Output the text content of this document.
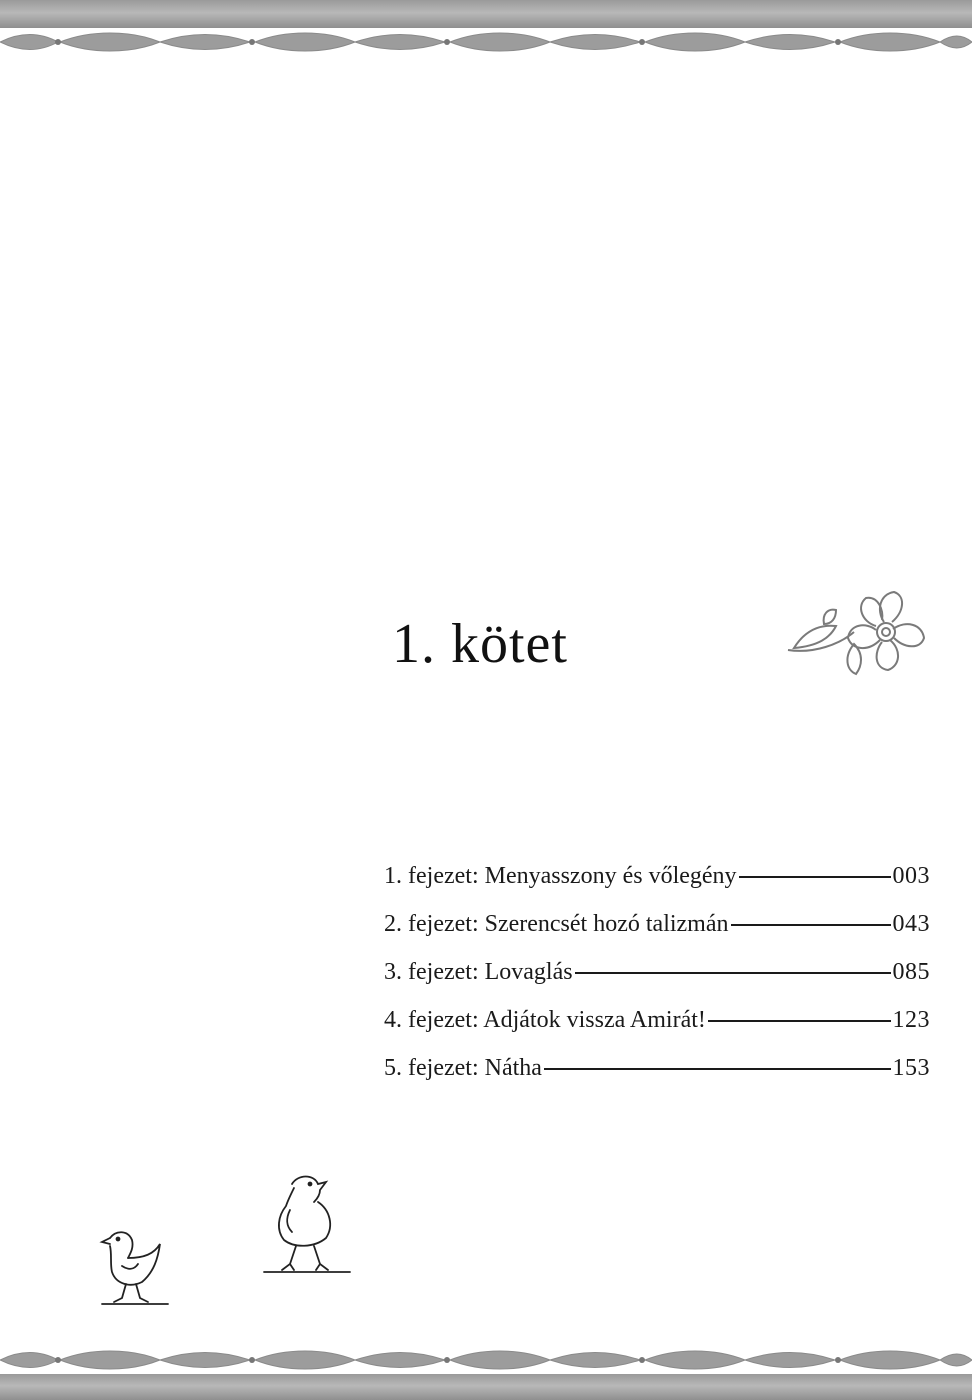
1. kötet
1. fejezet: Menyasszony és vőlegény	003
2. fejezet: Szerencsét hozó talizmán	043
3. fejezet: Lovaglás	085
4. fejezet: Adjátok vissza Amirát!	123
5. fejezet: Nátha	153
